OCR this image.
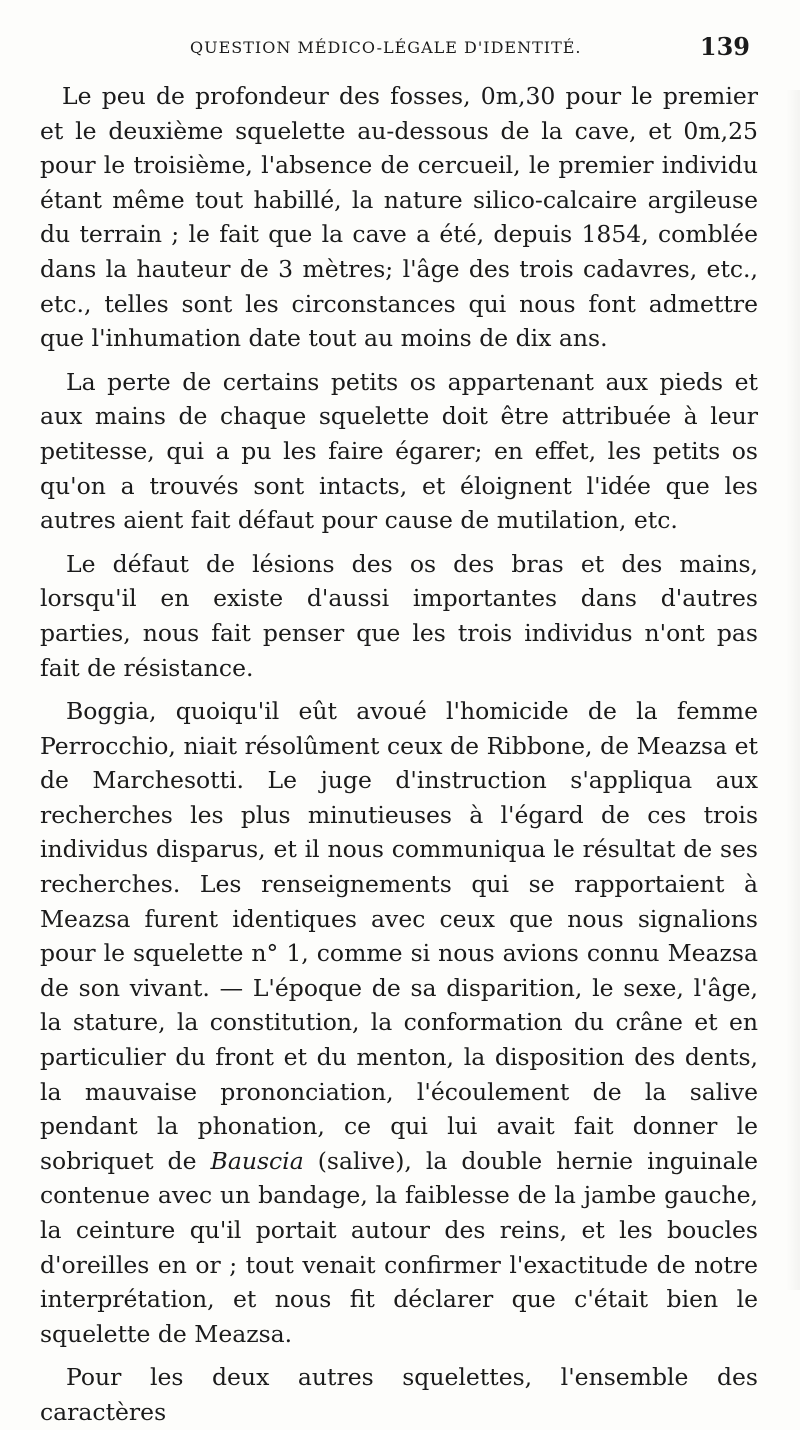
QUESTION MÉDICO-LÉGALE D'IDENTITÉ.	139

Le peu de profondeur des fosses, 0m,30 pour le premier et le deuxième squelette au-dessous de la cave, et 0m,25 pour le troisième, l'absence de cercueil, le premier individu étant même tout habillé, la nature silico-calcaire argileuse du terrain ; le fait que la cave a été, depuis 1854, comblée dans la hauteur de 3 mètres; l'âge des trois cadavres, etc., etc., telles sont les circonstances qui nous font admettre que l'inhumation date tout au moins de dix ans.

La perte de certains petits os appartenant aux pieds et aux mains de chaque squelette doit être attribuée à leur petitesse, qui a pu les faire égarer; en effet, les petits os qu'on a trouvés sont intacts, et éloignent l'idée que les autres aient fait défaut pour cause de mutilation, etc.

Le défaut de lésions des os des bras et des mains, lorsqu'il en existe d'aussi importantes dans d'autres parties, nous fait penser que les trois individus n'ont pas fait de résistance.

Boggia, quoiqu'il eût avoué l'homicide de la femme Perrocchio, niait résolûment ceux de Ribbone, de Meazsa et de Marchesotti. Le juge d'instruction s'appliqua aux recherches les plus minutieuses à l'égard de ces trois individus disparus, et il nous communiqua le résultat de ses recherches. Les renseignements qui se rapportaient à Meazsa furent identiques avec ceux que nous signalions pour le squelette n° 1, comme si nous avions connu Meazsa de son vivant. — L'époque de sa disparition, le sexe, l'âge, la stature, la constitution, la conformation du crâne et en particulier du front et du menton, la disposition des dents, la mauvaise prononciation, l'écoulement de la salive pendant la phonation, ce qui lui avait fait donner le sobriquet de Bauscia (salive), la double hernie inguinale contenue avec un bandage, la faiblesse de la jambe gauche, la ceinture qu'il portait autour des reins, et les boucles d'oreilles en or ; tout venait confirmer l'exactitude de notre interprétation, et nous fit déclarer que c'était bien le squelette de Meazsa.

Pour les deux autres squelettes, l'ensemble des caractères
